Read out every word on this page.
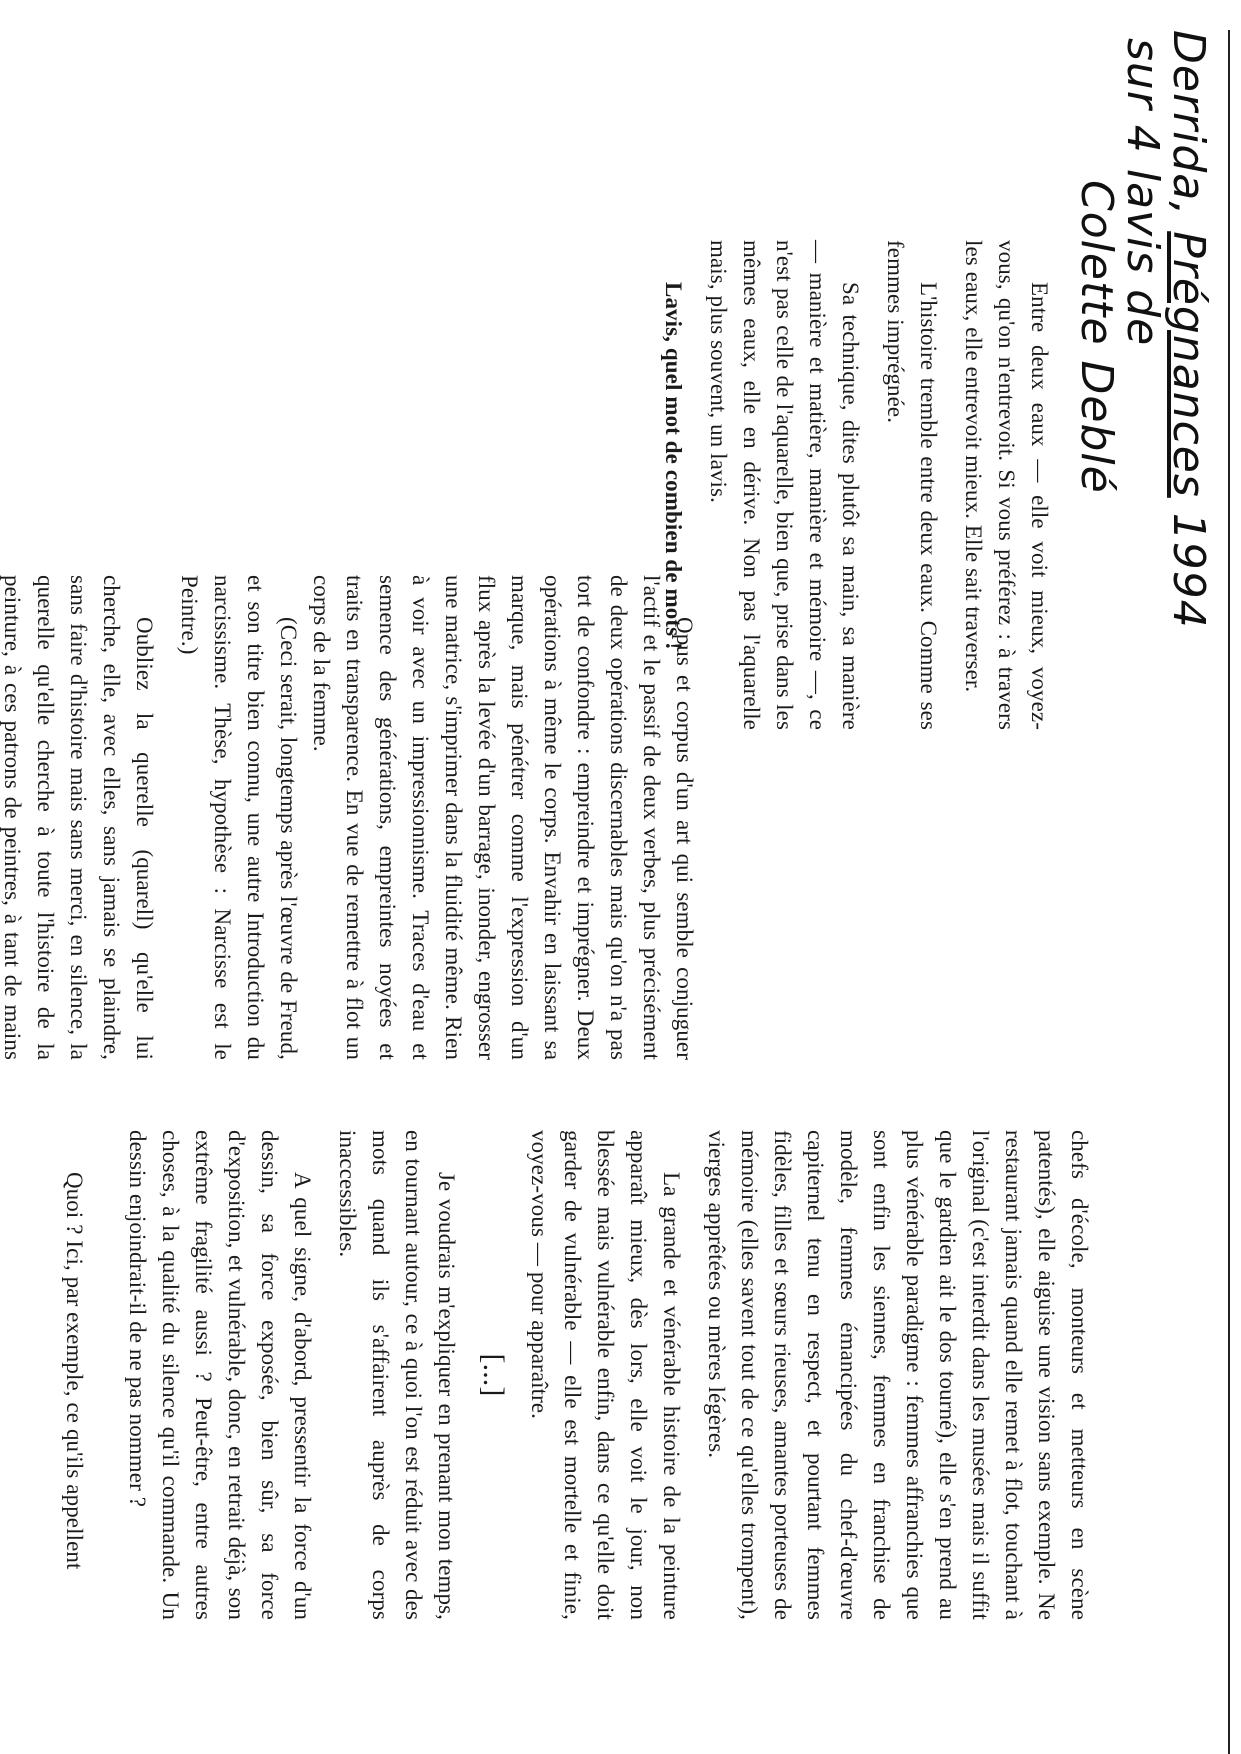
Derrida, Prégnances 1994
sur 4 lavis de
Colette Deblé

Entre deux eaux — elle voit mieux, voyez-vous, qu'on n'entrevoit. Si vous préférez : à travers les eaux, elle entrevoit mieux. Elle sait traverser.

L'histoire tremble entre deux eaux. Comme ses femmes imprégnée.

Sa technique, dites plutôt sa main, sa manière — manière et matière, manière et mémoire —, ce n'est pas celle de l'aquarelle, bien que, prise dans les mêmes eaux, elle en dérive. Non pas l'aquarelle mais, plus souvent, un lavis.

Lavis, quel mot de combien de mots !

Opus et corpus d'un art qui semble conjuguer l'actif et le passif de deux verbes, plus précisément de deux opérations discernables mais qu'on n'a pas tort de confondre : empreindre et imprégner. Deux opérations à même le corps. Envahir en laissant sa marque, mais pénétrer comme l'expression d'un flux après la levée d'un barrage, inonder, engrosser une matrice, s'imprimer dans la fluidité même. Rien à voir avec un impressionnisme. Traces d'eau et semence des générations, empreintes noyées et traits en transparence. En vue de remettre à flot un corps de la femme.

(Ceci serait, longtemps après l'œuvre de Freud, et son titre bien connu, une autre Introduction du narcissisme. Thèse, hypothèse : Narcisse est le Peintre.)

Oubliez la querelle (quarell) qu'elle lui cherche, elle, avec elles, sans jamais se plaindre, sans faire d'histoire mais sans merci, en silence, la querelle qu'elle cherche à toute l'histoire de la peinture, à ces patrons de peintres, à tant de mains

chefs d'école, monteurs et metteurs en scène patentés), elle aiguise une vision sans exemple. Ne restaurant jamais quand elle remet à flot, touchant à l'original (c'est interdit dans les musées mais il suffit que le gardien ait le dos tourné), elle s'en prend au plus vénérable paradigme : femmes affranchies que sont enfin les siennes, femmes en franchise de modèle, femmes émancipées du chef-d'œuvre capiternel tenu en respect, et pourtant femmes fidèles, filles et sœurs rieuses, amantes porteuses de mémoire (elles savent tout de ce qu'elles trompent), vierges apprêtées ou mères légères.

La grande et vénérable histoire de la peinture apparaît mieux, dès lors, elle voit le jour, non blessée mais vulnérable enfin, dans ce qu'elle doit garder de vulnérable — elle est mortelle et finie, voyez-vous — pour apparaître.

[...]

Je voudrais m'expliquer en prenant mon temps, en tournant autour, ce à quoi l'on est réduit avec des mots quand ils s'affairent auprès de corps inaccessibles.

A quel signe, d'abord, pressentir la force d'un dessin, sa force exposée, bien sûr, sa force d'exposition, et vulnérable, donc, en retrait déjà, son extrême fragilité aussi ? Peut-être, entre autres choses, à la qualité du silence qu'il commande. Un dessin enjoindrait-il de ne pas nommer ?

Quoi ? Ici, par exemple, ce qu'ils appellent
